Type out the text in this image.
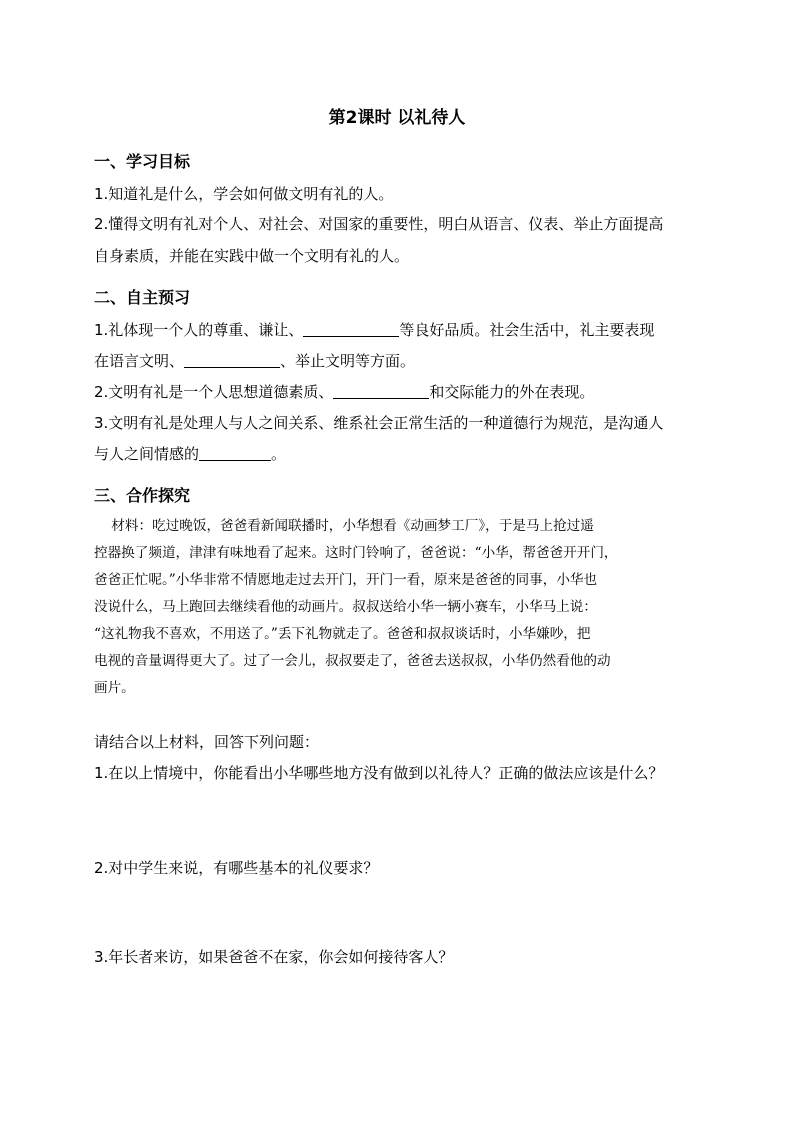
第2课时 以礼待人
一、学习目标
1.知道礼是什么，学会如何做文明有礼的人。
2.懂得文明有礼对个人、对社会、对国家的重要性，明白从语言、仪表、举止方面提高
自身素质，并能在实践中做一个文明有礼的人。
二、自主预习
1.礼体现一个人的尊重、谦让、	等良好品质。社会生活中，礼主要表现
在语言文明、	、举止文明等方面。
2.文明有礼是一个人思想道德素质、	和交际能力的外在表现。
3.文明有礼是处理人与人之间关系、维系社会正常生活的一种道德行为规范，是沟通人
与人之间情感的	。
三、合作探究
材料：吃过晚饭，爸爸看新闻联播时，小华想看《动画梦工厂》，于是马上抢过遥
控器换了频道，津津有味地看了起来。这时门铃响了，爸爸说：“小华，帮爸爸开开门，
爸爸正忙呢。”小华非常不情愿地走过去开门，开门一看，原来是爸爸的同事，小华也
没说什么，马上跑回去继续看他的动画片。叔叔送给小华一辆小赛车，小华马上说：
“这礼物我不喜欢，不用送了。”丢下礼物就走了。爸爸和叔叔谈话时，小华嫌吵，把
电视的音量调得更大了。过了一会儿，叔叔要走了，爸爸去送叔叔，小华仍然看他的动
画片。
请结合以上材料，回答下列问题：
1.在以上情境中，你能看出小华哪些地方没有做到以礼待人？正确的做法应该是什么？
2.对中学生来说，有哪些基本的礼仪要求？
3.年长者来访，如果爸爸不在家，你会如何接待客人？
